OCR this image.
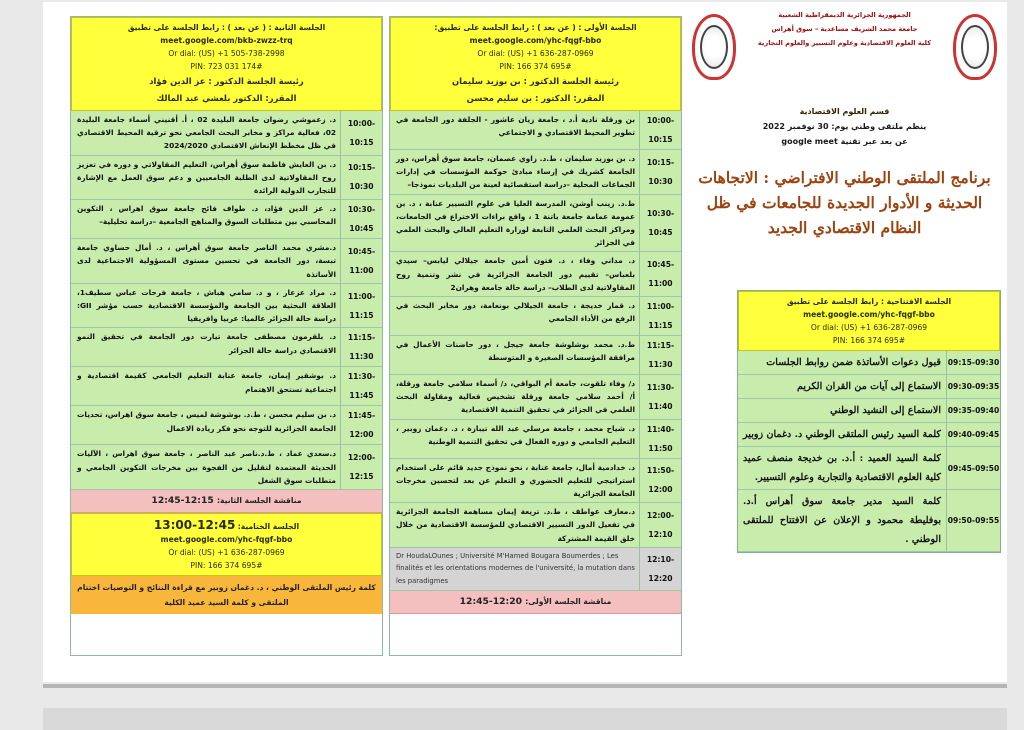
الجلسة الثانية : ( عن بعد ) : رابط الجلسة على تطبيق
meet.google.com/bkb-zwzz-trq
Or dial: (US) +1 505-738-2998
PIN: 723 031 174#
رئيسة الجلسة الدكتور : عز الدين فؤاد
المقرر: الدكتور بلعشي عبد المالك
د. زعموشي رضوان جامعة البليدة 02 ، أ. أقنيني أسماء جامعة البليدة 02، فعالية مراكز و مخابر البحث الجامعي نحو ترقية المحيط الاقتصادي في ظل مخطط الإنعاش الاقتصادي 2024/2020
10:00-
10:15
د. بن العايش فاطمة سوق أهراس، التعليم المقاولاتي و دوره في تعزيز روح المقاولاتية لدى الطلبة الجامعيين و دعم سوق العمل مع الإشارة للتجارب الدولية الرائدة
10:15-
10:30
د. عز الدين فؤاد، د. طواف فائح جامعة سوق اهراس ، التكوين المحاسبي بين متطلبات السوق والمناهج الجامعية –دراسة تحليلية–
10:30-
10:45
د.مشري محمد الناصر جامعة سوق أهراس ، د. أمال حساوي جامعة تبسة، دور الجامعة في تحسين مستوى المسؤولية الاجتماعية لدى الأساتذة
10:45-
11:00
د. مراد عزعار ، و د. سامي هباش ، جامعة فرحات عباس سطيف1، العلاقة البحثية بين الجامعة والمؤسسة الاقتصادية حسب مؤشر GII: دراسة حالة الجزائر عالميا: عربيا وافريقيا
11:00-
11:15
د. بلقرمون مصطفى جامعة تيارت دور الجامعة في تحقيق النمو الاقتصادي دراسة حالة الجزائر
11:15-
11:30
د. بوشقير إيمان، جامعة عنابة التعليم الجامعي كقيمة اقتصادية و اجتماعية تستحق الاهتمام
11:30-
11:45
د. بن سليم محسن ، ط.د. بوشوشة لميس ، جامعة سوق اهراس، تحديات الجامعة الجزائرية للتوجه نحو فكر ريادة الاعمال
11:45-
12:00
د.سعدي عماد ، ط.د.ناصر عبد الناصر ، جامعة سوق اهراس ، الآليات الحديثة المعتمدة لتقليل من الفجوة بين مخرجات التكوين الجامعي و متطلبات سوق الشغل
12:00-
12:15
مناقشة الجلسة الثانية: 12:15-12:45
الجلسة الختامية: 12:45-13:00
meet.google.com/yhc-fqgf-bbo
Or dial: (US) +1 636-287-0969
PIN: 166 374 695#
كلمة رئيس الملتقى الوطني ، د. دغمان زوبير مع قراءة النتائج و التوصيات اختتام الملتقى و كلمة السيد عميد الكلية
الجلسة الأولى : ( عن بعد ) : رابط الجلسة على تطبيق:
meet.google.com/yhc-fqgf-bbo
Or dial: (US) +1 636-287-0969
PIN: 166 374 695#
رئيسة الجلسة الدكتور : بن بوزيد سليمان
المقرر: الدكتور : بن سليم محسن
بن ورقلة نادية أ.د ، جامعة زيان عاشور - الجلفة دور الجامعة في تطوير المحيط الاقتصادي و الاجتماعي
10:00-
10:15
د. بن بوزيد سليمان ، ط.د. زاوي عصمان، جامعة سوق أهراس، دور الجامعة كشريك في إرساء مبادئ حوكمة المؤسسات في إدارات الجماعات المحلية –دراسة استقصائية لعينة من البلديات نموذجا–
10:15-
10:30
ط.د. زينب أوشن، المدرسة العليا في علوم التسيير عنابة ، د. بن عمومة عمامة جامعة باتنة 1 ، واقع براءات الاختراع في الجامعات، ومراكز البحث العلمي التابعة لوزارة التعليم العالي والبحث العلمي في الجزائر
10:30-
10:45
د. مداني وفاء ، د. فتون أمين جامعة جيلالي ليابس– سيدي بلعباس– تقييم دور الجامعة الجزائرية في نشر وتنمية روح المقاولاتية لدى الطلاب– دراسة حالة جامعة وهران2
10:45-
11:00
د. قمار خديجة ، جامعة الجيلالي بونعامة، دور مخابر البحث في الرفع من الأداء الجامعي
11:00-
11:15
ط.د. محمد بوشلوشة جامعة جيجل ، دور حاضنات الأعمال في مرافقة المؤسسات الصغيرة و المتوسطة
11:15-
11:30
د/ وفاء تلقوت، جامعة أم البواقي، د/ أسماء سلامي جامعة ورقلة، أ/ أحمد سلامي جامعة ورقلة تشخيص فعالية ومقاولة البحث العلمي في الجزائر في تحقيق التنمية الاقتصادية
11:30-
11:40
د. شياح محمد ، جامعة مرسلي عبد الله تيبازة ، د. دغمان زوبير ، التعليم الجامعي و دوره الفعال في تحقيق التنمية الوطنية
11:40-
11:50
د. خدادمية أمال، جامعة عنابة ، نحو نموذج جديد قائم على استخدام استراتيجي للتعليم الحضوري و التعلم عن بعد لتحسين مخرجات الجامعة الجزائرية
11:50-
12:00
د.معارف عواطف ، ط.د. تريعة إيمان مساهمة الجامعة الجزائرية في تفعيل الدور التسيير الاقتصادي للمؤسسة الاقتصادية من خلال خلق القيمة المشتركة
12:00-
12:10
Dr HoudaLOunes ; Université M'Hamed Bougara Boumerdes ; Les finalités et les orientations modernes de l'université, la mutation dans les paradigmes
12:10-
12:20
مناقشة الجلسة الأولى: 12:20-12:45
الجمهورية الجزائرية الديمقراطية الشعبية
جامعة محمد الشريف مساعدية – سوق أهراس
كلية العلوم الاقتصادية وعلوم التسيير والعلوم التجارية
قسم العلوم الاقتصادية
ينظم ملتقى وطني يوم: 30 نوفمبر 2022
عن بعد عبر تقنية google meet
برنامج الملتقى الوطني الافتراضي : الاتجاهات الحديثة و الأدوار الجديدة للجامعات في ظل النظام الاقتصادي الجديد
الجلسة الافتتاحية : رابط الجلسة على تطبيق
meet.google.com/yhc-fqgf-bbo
Or dial: (US) +1 636-287-0969
PIN: 166 374 695#
قبول دعوات الأساتذة ضمن روابط الجلسات 09:15-09:30
الاستماع إلى آيات من القران الكريم 09:30-09:35
الاستماع إلى النشيد الوطني 09:35-09:40
كلمة السيد رئيس الملتقى الوطني د. دغمان زوبير 09:40-09:45
كلمة السيد العميد : أ.د. بن خديجة منصف عميد كلية العلوم الاقتصادية والتجارية وعلوم التسيير.
09:45-09:50
كلمة السيد مدير جامعة سوق أهراس أ.د. بوفليطة محمود و الإعلان عن الافتتاح للملتقى الوطني .
09:50-09:55
